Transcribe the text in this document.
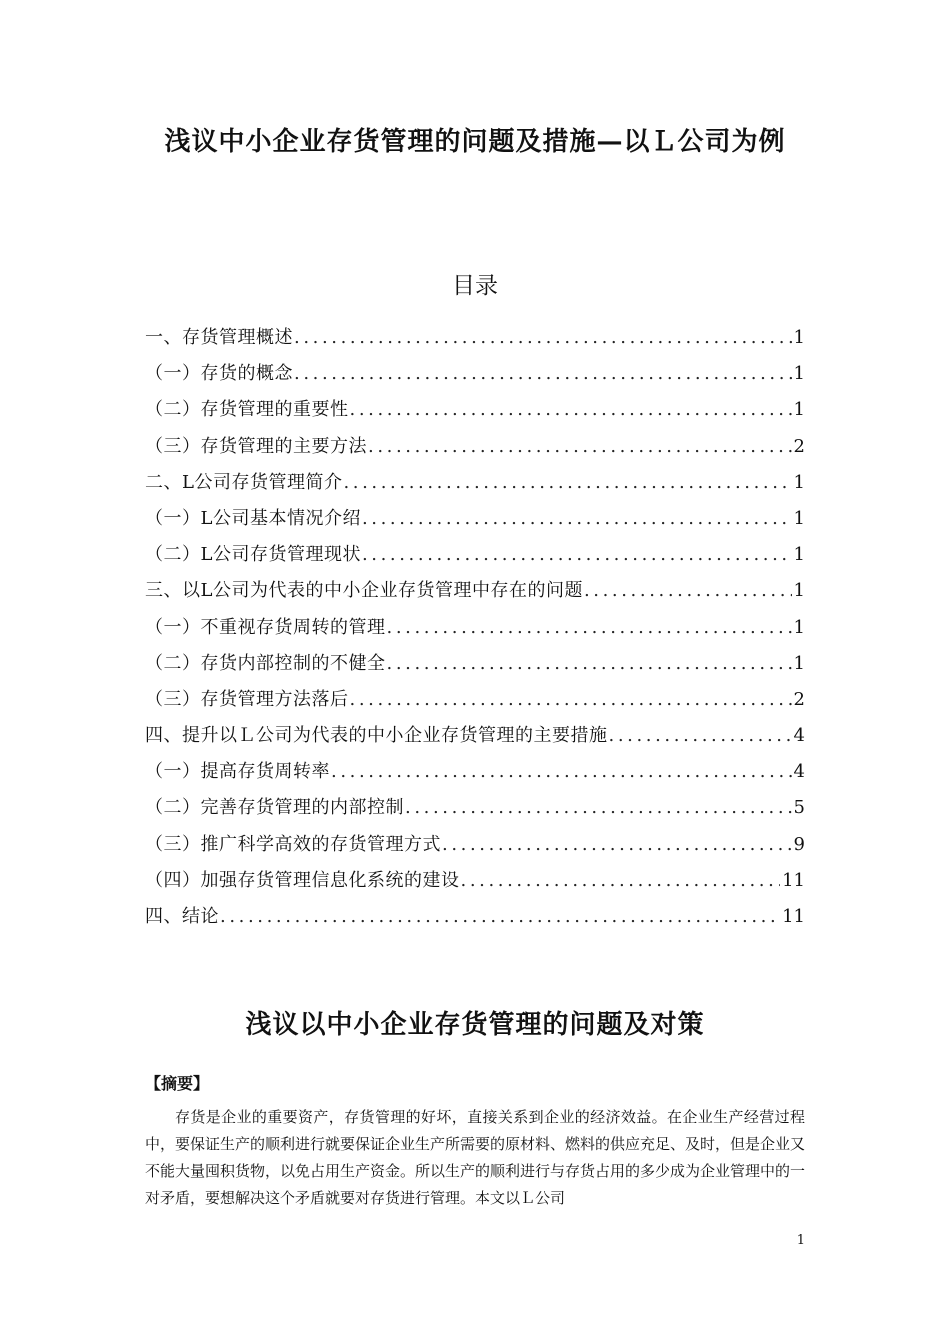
浅议中小企业存货管理的问题及措施—以Ｌ公司为例
目录
一、存货管理概述 .....	1
（一）存货的概念 .....	1
（二）存货管理的重要性 .....	1
（三）存货管理的主要方法 .....	2
二、L公司存货管理简介 .....	1
（一）L公司基本情况介绍 .....	1
（二）L公司存货管理现状 .....	1
三、以L公司为代表的中小企业存货管理中存在的问题 .....	1
（一）不重视存货周转的管理 .....	1
（二）存货内部控制的不健全 .....	1
（三）存货管理方法落后 .....	2
四、提升以Ｌ公司为代表的中小企业存货管理的主要措施 .....	4
（一）提高存货周转率 .....	4
（二）完善存货管理的内部控制 .....	5
（三）推广科学高效的存货管理方式 .....	9
（四）加强存货管理信息化系统的建设 .....	11
四、结论 .....	11
浅议以中小企业存货管理的问题及对策
【摘要】

存货是企业的重要资产，存货管理的好坏，直接关系到企业的经济效益。在企业生产经营过程中，要保证生产的顺利进行就要保证企业生产所需要的原材料、燃料的供应充足、及时，但是企业又不能大量囤积货物，以免占用生产资金。所以生产的顺利进行与存货占用的多少成为企业管理中的一对矛盾，要想解决这个矛盾就要对存货进行管理。本文以Ｌ公司

1
